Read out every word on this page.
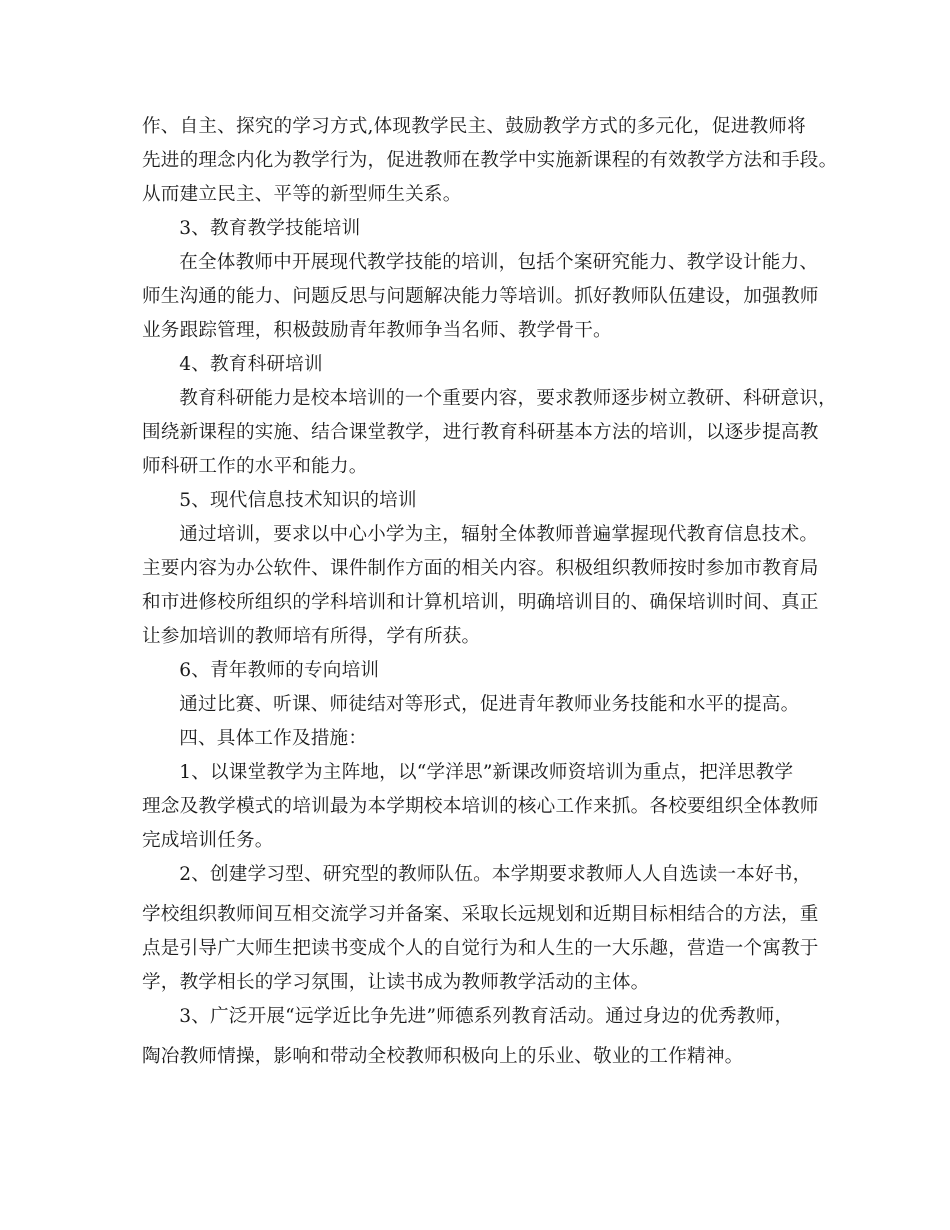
作、自主、探究的学习方式,体现教学民主、鼓励教学方式的多元化，促进教师将
先进的理念内化为教学行为，促进教师在教学中实施新课程的有效教学方法和手段。
从而建立民主、平等的新型师生关系。
3、教育教学技能培训
在全体教师中开展现代教学技能的培训，包括个案研究能力、教学设计能力、
师生沟通的能力、问题反思与问题解决能力等培训。抓好教师队伍建设，加强教师
业务跟踪管理，积极鼓励青年教师争当名师、教学骨干。
4、教育科研培训
教育科研能力是校本培训的一个重要内容，要求教师逐步树立教研、科研意识，
围绕新课程的实施、结合课堂教学，进行教育科研基本方法的培训，以逐步提高教
师科研工作的水平和能力。
5、现代信息技术知识的培训
通过培训，要求以中心小学为主，辐射全体教师普遍掌握现代教育信息技术。
主要内容为办公软件、课件制作方面的相关内容。积极组织教师按时参加市教育局
和市进修校所组织的学科培训和计算机培训，明确培训目的、确保培训时间、真正
让参加培训的教师培有所得，学有所获。
6、青年教师的专向培训
通过比赛、听课、师徒结对等形式，促进青年教师业务技能和水平的提高。
四、具体工作及措施：
1、以课堂教学为主阵地，以“学洋思”新课改师资培训为重点，把洋思教学
理念及教学模式的培训最为本学期校本培训的核心工作来抓。各校要组织全体教师
完成培训任务。
2、创建学习型、研究型的教师队伍。本学期要求教师人人自选读一本好书，
学校组织教师间互相交流学习并备案、采取长远规划和近期目标相结合的方法，重
点是引导广大师生把读书变成个人的自觉行为和人生的一大乐趣，营造一个寓教于
学，教学相长的学习氛围，让读书成为教师教学活动的主体。
3、广泛开展“远学近比争先进”师德系列教育活动。通过身边的优秀教师，
陶冶教师情操，影响和带动全校教师积极向上的乐业、敬业的工作精神。
